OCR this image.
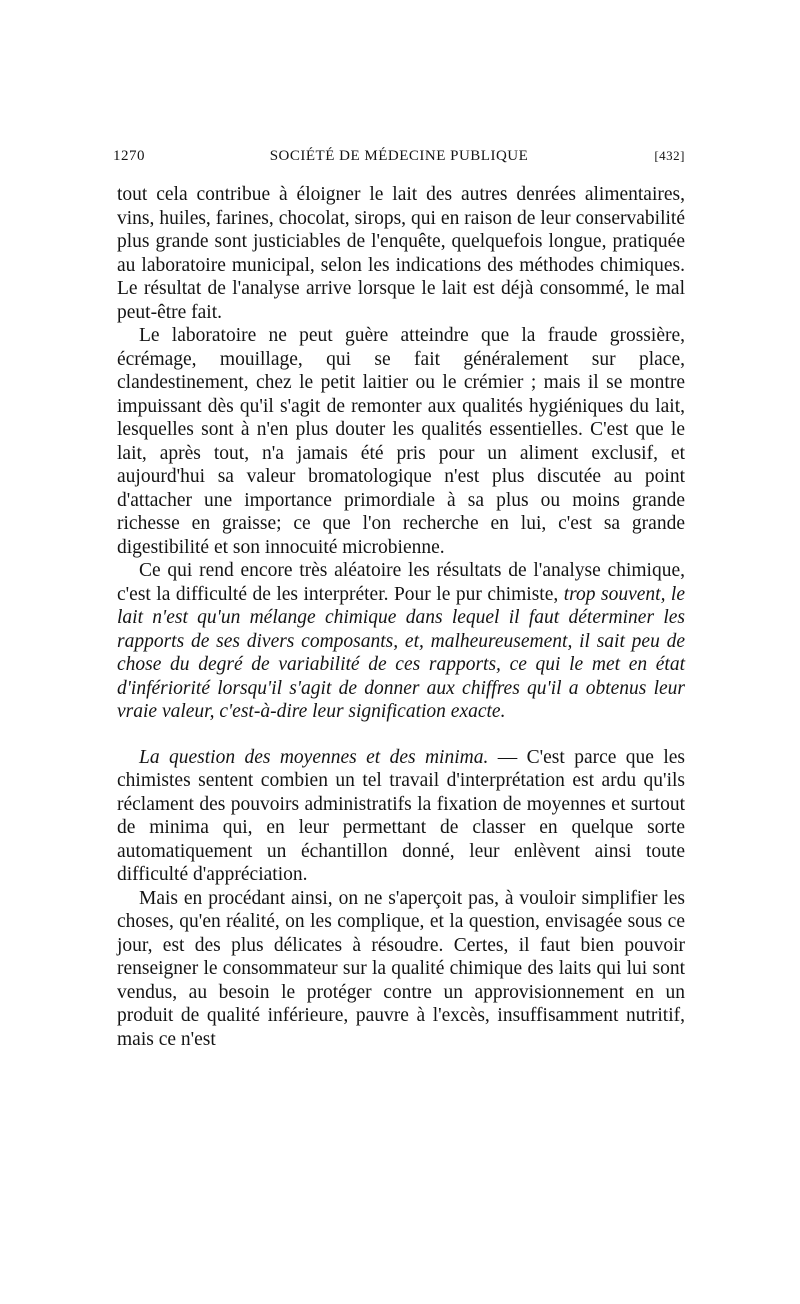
1270	SOCIÉTÉ DE MÉDECINE PUBLIQUE	[432]

tout cela contribue à éloigner le lait des autres denrées alimentaires, vins, huiles, farines, chocolat, sirops, qui en raison de leur conservabilité plus grande sont justiciables de l'enquête, quelquefois longue, pratiquée au laboratoire municipal, selon les indications des méthodes chimiques. Le résultat de l'analyse arrive lorsque le lait est déjà consommé, le mal peut-être fait.

Le laboratoire ne peut guère atteindre que la fraude grossière, écrémage, mouillage, qui se fait généralement sur place, clandestinement, chez le petit laitier ou le crémier ; mais il se montre impuissant dès qu'il s'agit de remonter aux qualités hygiéniques du lait, lesquelles sont à n'en plus douter les qualités essentielles. C'est que le lait, après tout, n'a jamais été pris pour un aliment exclusif, et aujourd'hui sa valeur bromatologique n'est plus discutée au point d'attacher une importance primordiale à sa plus ou moins grande richesse en graisse; ce que l'on recherche en lui, c'est sa grande digestibilité et son innocuité microbienne.

Ce qui rend encore très aléatoire les résultats de l'analyse chimique, c'est la difficulté de les interpréter. Pour le pur chimiste, trop souvent, le lait n'est qu'un mélange chimique dans lequel il faut déterminer les rapports de ses divers composants, et, malheureusement, il sait peu de chose du degré de variabilité de ces rapports, ce qui le met en état d'infériorité lorsqu'il s'agit de donner aux chiffres qu'il a obtenus leur vraie valeur, c'est-à-dire leur signification exacte.

La question des moyennes et des minima. — C'est parce que les chimistes sentent combien un tel travail d'interprétation est ardu qu'ils réclament des pouvoirs administratifs la fixation de moyennes et surtout de minima qui, en leur permettant de classer en quelque sorte automatiquement un échantillon donné, leur enlèvent ainsi toute difficulté d'appréciation.

Mais en procédant ainsi, on ne s'aperçoit pas, à vouloir simplifier les choses, qu'en réalité, on les complique, et la question, envisagée sous ce jour, est des plus délicates à résoudre. Certes, il faut bien pouvoir renseigner le consommateur sur la qualité chimique des laits qui lui sont vendus, au besoin le protéger contre un approvisionnement en un produit de qualité inférieure, pauvre à l'excès, insuffisamment nutritif, mais ce n'est
